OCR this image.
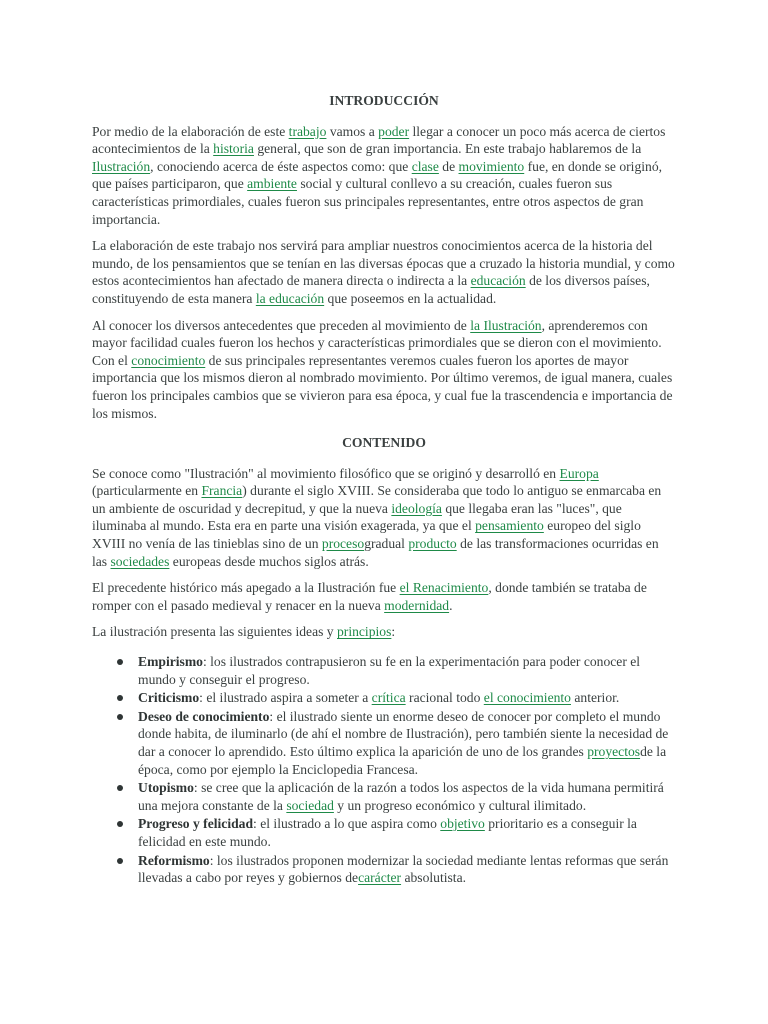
INTRODUCCIÓN

Por medio de la elaboración de este trabajo vamos a poder llegar a conocer un poco más acerca de ciertos acontecimientos de la historia general, que son de gran importancia. En este trabajo hablaremos de la Ilustración, conociendo acerca de éste aspectos como: que clase de movimiento fue, en donde se originó, que países participaron, que ambiente social y cultural conllevo a su creación, cuales fueron sus características primordiales, cuales fueron sus principales representantes, entre otros aspectos de gran importancia.

La elaboración de este trabajo nos servirá para ampliar nuestros conocimientos acerca de la historia del mundo, de los pensamientos que se tenían en las diversas épocas que a cruzado la historia mundial, y como estos acontecimientos han afectado de manera directa o indirecta a la educación de los diversos países, constituyendo de esta manera la educación que poseemos en la actualidad.

Al conocer los diversos antecedentes que preceden al movimiento de la Ilustración, aprenderemos con mayor facilidad cuales fueron los hechos y características primordiales que se dieron con el movimiento. Con el conocimiento de sus principales representantes veremos cuales fueron los aportes de mayor importancia que los mismos dieron al nombrado movimiento. Por último veremos, de igual manera, cuales fueron los principales cambios que se vivieron para esa época, y cual fue la trascendencia e importancia de los mismos.

CONTENIDO

Se conoce como "Ilustración" al movimiento filosófico que se originó y desarrolló en Europa (particularmente en Francia) durante el siglo XVIII. Se consideraba que todo lo antiguo se enmarcaba en un ambiente de oscuridad y decrepitud, y que la nueva ideología que llegaba eran las "luces", que iluminaba al mundo. Esta era en parte una visión exagerada, ya que el pensamiento europeo del siglo XVIII no venía de las tinieblas sino de un procesogradual producto de las transformaciones ocurridas en las sociedades europeas desde muchos siglos atrás.

El precedente histórico más apegado a la Ilustración fue el Renacimiento, donde también se trataba de romper con el pasado medieval y renacer en la nueva modernidad.

La ilustración presenta las siguientes ideas y principios:

Empirismo: los ilustrados contrapusieron su fe en la experimentación para poder conocer el mundo y conseguir el progreso.
Criticismo: el ilustrado aspira a someter a crítica racional todo el conocimiento anterior.
Deseo de conocimiento: el ilustrado siente un enorme deseo de conocer por completo el mundo donde habita, de iluminarlo (de ahí el nombre de Ilustración), pero también siente la necesidad de dar a conocer lo aprendido. Esto último explica la aparición de uno de los grandes proyectosde la época, como por ejemplo la Enciclopedia Francesa.
Utopismo: se cree que la aplicación de la razón a todos los aspectos de la vida humana permitirá una mejora constante de la sociedad y un progreso económico y cultural ilimitado.
Progreso y felicidad: el ilustrado a lo que aspira como objetivo prioritario es a conseguir la felicidad en este mundo.
Reformismo: los ilustrados proponen modernizar la sociedad mediante lentas reformas que serán llevadas a cabo por reyes y gobiernos decarácter absolutista.
